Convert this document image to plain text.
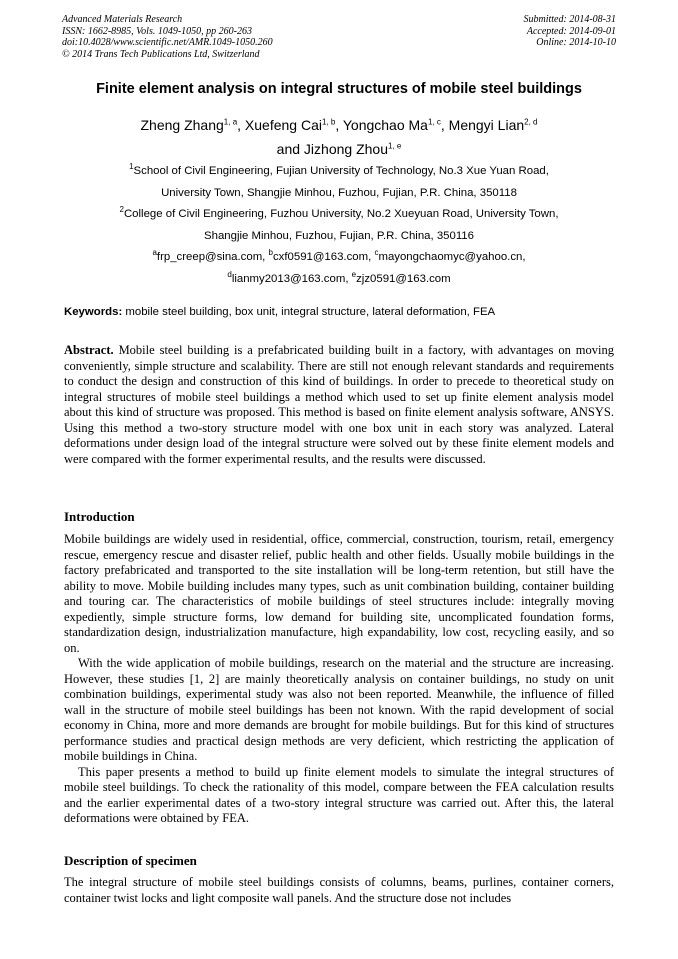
Advanced Materials Research
ISSN: 1662-8985, Vols. 1049-1050, pp 260-263
doi:10.4028/www.scientific.net/AMR.1049-1050.260
© 2014 Trans Tech Publications Ltd, Switzerland
Submitted: 2014-08-31
Accepted: 2014-09-01
Online: 2014-10-10
Finite element analysis on integral structures of mobile steel buildings
Zheng Zhang$^{1, a}$, Xuefeng Cai$^{1, b}$, Yongchao Ma$^{1, c}$, Mengyi Lian$^{2, d}$
and Jizhong Zhou$^{1, e}$
$^1$School of Civil Engineering, Fujian University of Technology, No.3 Xue Yuan Road,
University Town, Shangjie Minhou, Fuzhou, Fujian, P.R. China, 350118
$^2$College of Civil Engineering, Fuzhou University, No.2 Xueyuan Road, University Town,
Shangjie Minhou, Fuzhou, Fujian, P.R. China, 350116
$^a$frp_creep@sina.com, $^b$cxf0591@163.com, $^c$mayongchaomyc@yahoo.cn,
$^d$lianmy2013@163.com, $^e$zjz0591@163.com
Keywords: mobile steel building, box unit, integral structure, lateral deformation, FEA

Abstract. Mobile steel building is a prefabricated building built in a factory, with advantages on moving conveniently, simple structure and scalability. There are still not enough relevant standards and requirements to conduct the design and construction of this kind of buildings. In order to precede to theoretical study on integral structures of mobile steel buildings a method which used to set up finite element analysis model about this kind of structure was proposed. This method is based on finite element analysis software, ANSYS. Using this method a two-story structure model with one box unit in each story was analyzed. Lateral deformations under design load of the integral structure were solved out by these finite element models and were compared with the former experimental results, and the results were discussed.

Introduction

Mobile buildings are widely used in residential, office, commercial, construction, tourism, retail, emergency rescue, emergency rescue and disaster relief, public health and other fields. Usually mobile buildings in the factory prefabricated and transported to the site installation will be long-term retention, but still have the ability to move. Mobile building includes many types, such as unit combination building, container building and touring car. The characteristics of mobile buildings of steel structures include: integrally moving expediently, simple structure forms, low demand for building site, uncomplicated foundation forms, standardization design, industrialization manufacture, high expandability, low cost, recycling easily, and so on.

With the wide application of mobile buildings, research on the material and the structure are increasing. However, these studies [1, 2] are mainly theoretically analysis on container buildings, no study on unit combination buildings, experimental study was also not been reported. Meanwhile, the influence of filled wall in the structure of mobile steel buildings has been not known. With the rapid development of social economy in China, more and more demands are brought for mobile buildings. But for this kind of structures performance studies and practical design methods are very deficient, which restricting the application of mobile buildings in China.

This paper presents a method to build up finite element models to simulate the integral structures of mobile steel buildings. To check the rationality of this model, compare between the FEA calculation results and the earlier experimental dates of a two-story integral structure was carried out. After this, the lateral deformations were obtained by FEA.

Description of specimen

The integral structure of mobile steel buildings consists of columns, beams, purlines, container corners, container twist locks and light composite wall panels. And the structure dose not includes
